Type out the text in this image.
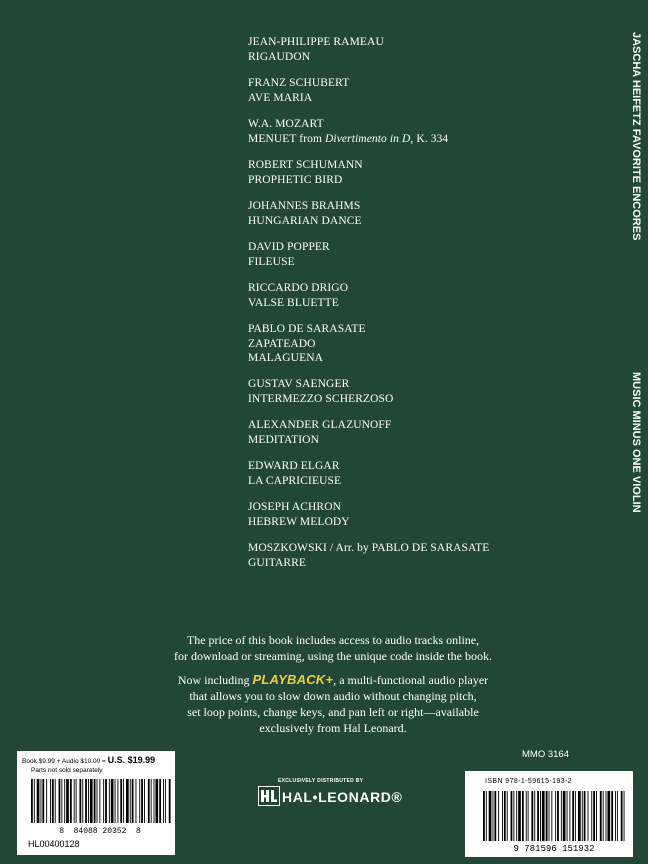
JEAN-PHILIPPE RAMEAU
RIGAUDON
FRANZ SCHUBERT
AVE MARIA
W.A. MOZART
MENUET from Divertimento in D, K. 334
ROBERT SCHUMANN
PROPHETIC BIRD
JOHANNES BRAHMS
HUNGARIAN DANCE
DAVID POPPER
FILEUSE
RICCARDO DRIGO
VALSE BLUETTE
PABLO DE SARASATE
ZAPATEADO
MALAGUENA
GUSTAV SAENGER
INTERMEZZO SCHERZOSO
ALEXANDER GLAZUNOFF
MEDITATION
EDWARD ELGAR
LA CAPRICIEUSE
JOSEPH ACHRON
HEBREW MELODY
MOSZKOWSKI / Arr. by PABLO DE SARASATE
GUITARRE
JASCHA HEIFETZ FAVORITE ENCORES
MUSIC MINUS ONE VIOLIN

The price of this book includes access to audio tracks online,

for download or streaming, using the unique code inside the book.

Now including PLAYBACK+, a multi-functional audio player

that allows you to slow down audio without changing pitch,

set loop points, change keys, and pan left or right—available

exclusively from Hal Leonard.

MMO 3164
Book $9.99 + Audio $10.00 = U.S. $19.99
Parts not sold separately
8  84088 20352  8
HL00400128
ISBN 978-1-59615-193-2
9 781596 151932
EXCLUSIVELY DISTRIBUTED BY
HAL•LEONARD®
